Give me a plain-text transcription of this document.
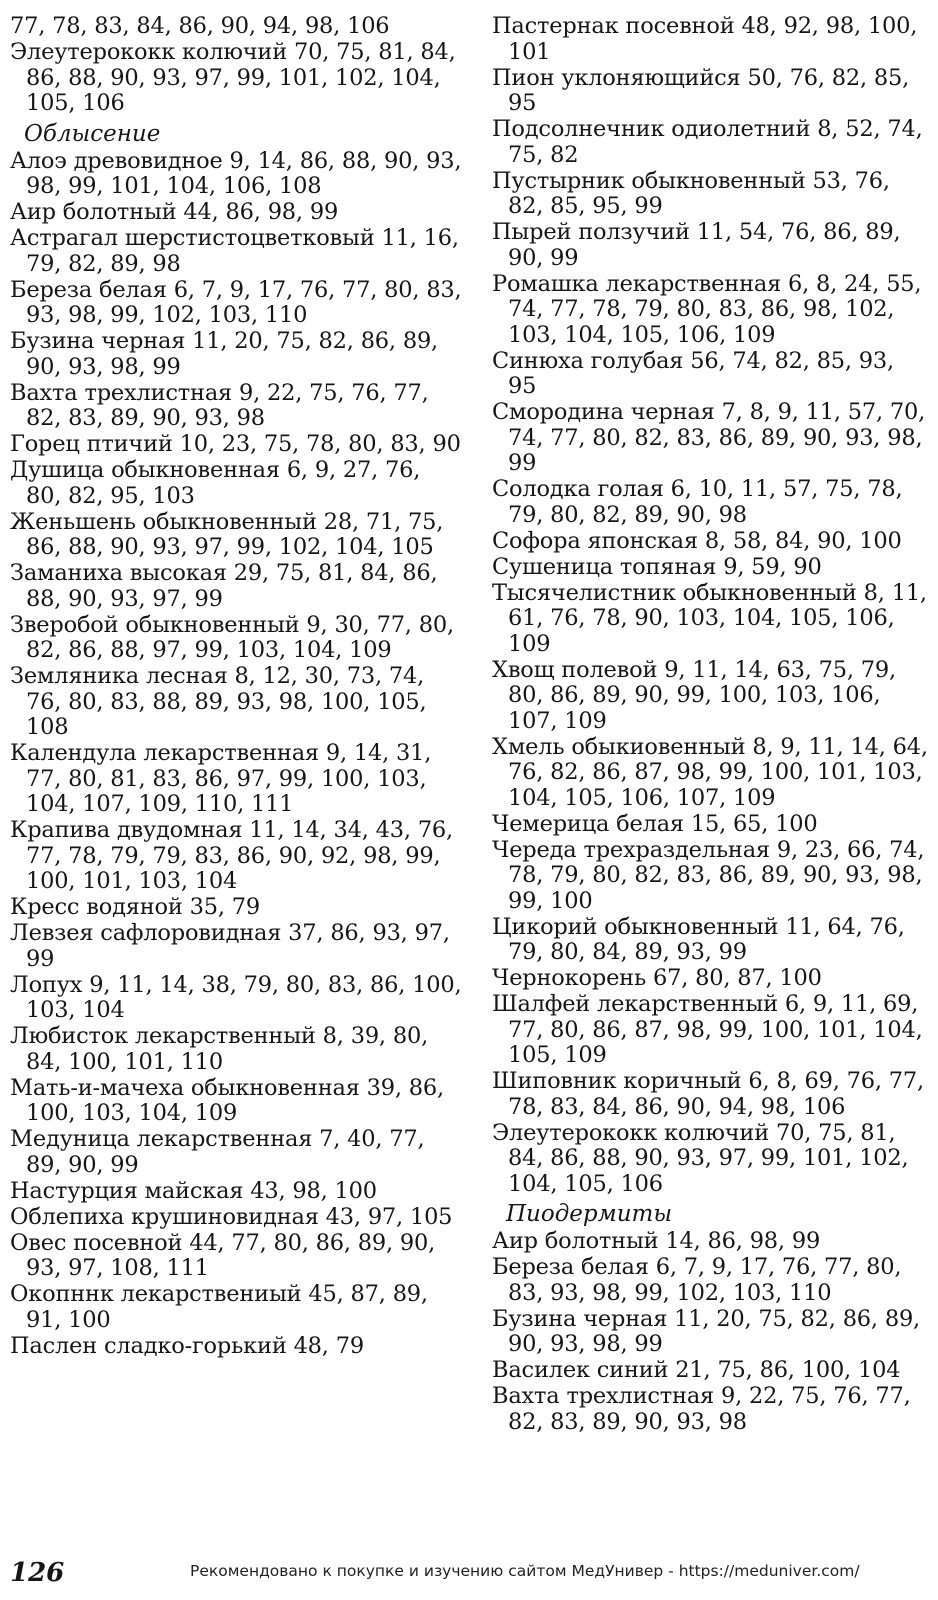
77, 78, 83, 84, 86, 90, 94, 98, 106

Элеутерококк колючий 70, 75, 81, 84, 86, 88, 90, 93, 97, 99, 101, 102, 104, 105, 106

Облысение

Алоэ древовидное 9, 14, 86, 88, 90, 93, 98, 99, 101, 104, 106, 108

Аир болотный 44, 86, 98, 99

Астрагал шерстистоцветковый 11, 16, 79, 82, 89, 98

Береза белая 6, 7, 9, 17, 76, 77, 80, 83, 93, 98, 99, 102, 103, 110

Бузина черная 11, 20, 75, 82, 86, 89, 90, 93, 98, 99

Вахта трехлистная 9, 22, 75, 76, 77, 82, 83, 89, 90, 93, 98

Горец птичий 10, 23, 75, 78, 80, 83, 90

Душица обыкновенная 6, 9, 27, 76, 80, 82, 95, 103

Женьшень обыкновенный 28, 71, 75, 86, 88, 90, 93, 97, 99, 102, 104, 105

Заманиха высокая 29, 75, 81, 84, 86, 88, 90, 93, 97, 99

Зверобой обыкновенный 9, 30, 77, 80, 82, 86, 88, 97, 99, 103, 104, 109

Земляника лесная 8, 12, 30, 73, 74, 76, 80, 83, 88, 89, 93, 98, 100, 105, 108

Календула лекарственная 9, 14, 31, 77, 80, 81, 83, 86, 97, 99, 100, 103, 104, 107, 109, 110, 111

Крапива двудомная 11, 14, 34, 43, 76, 77, 78, 79, 79, 83, 86, 90, 92, 98, 99, 100, 101, 103, 104

Кресс водяной 35, 79

Левзея сафлоровидная 37, 86, 93, 97, 99

Лопух 9, 11, 14, 38, 79, 80, 83, 86, 100, 103, 104

Любисток лекарственный 8, 39, 80, 84, 100, 101, 110

Мать-и-мачеха обыкновенная 39, 86, 100, 103, 104, 109

Медуница лекарственная 7, 40, 77, 89, 90, 99

Настурция майская 43, 98, 100

Облепиха крушиновидная 43, 97, 105

Овес посевной 44, 77, 80, 86, 89, 90, 93, 97, 108, 111

Окопннк лекарствениый 45, 87, 89, 91, 100

Паслен сладко-горький 48, 79

Пастернак посевной 48, 92, 98, 100, 101

Пион уклоняющийся 50, 76, 82, 85, 95

Подсолнечник одиолетний 8, 52, 74, 75, 82

Пустырник обыкновенный 53, 76, 82, 85, 95, 99

Пырей ползучий 11, 54, 76, 86, 89, 90, 99

Ромашка лекарственная 6, 8, 24, 55, 74, 77, 78, 79, 80, 83, 86, 98, 102, 103, 104, 105, 106, 109

Синюха голубая 56, 74, 82, 85, 93, 95

Смородина черная 7, 8, 9, 11, 57, 70, 74, 77, 80, 82, 83, 86, 89, 90, 93, 98, 99

Солодка голая 6, 10, 11, 57, 75, 78, 79, 80, 82, 89, 90, 98

Софора японская 8, 58, 84, 90, 100

Сушеница топяная 9, 59, 90

Тысячелистник обыкновенный 8, 11, 61, 76, 78, 90, 103, 104, 105, 106, 109

Хвощ полевой 9, 11, 14, 63, 75, 79, 80, 86, 89, 90, 99, 100, 103, 106, 107, 109

Хмель обыкиовенный 8, 9, 11, 14, 64, 76, 82, 86, 87, 98, 99, 100, 101, 103, 104, 105, 106, 107, 109

Чемерица белая 15, 65, 100

Череда трехраздельная 9, 23, 66, 74, 78, 79, 80, 82, 83, 86, 89, 90, 93, 98, 99, 100

Цикорий обыкновенный 11, 64, 76, 79, 80, 84, 89, 93, 99

Чернокорень 67, 80, 87, 100

Шалфей лекарственный 6, 9, 11, 69, 77, 80, 86, 87, 98, 99, 100, 101, 104, 105, 109

Шиповник коричный 6, 8, 69, 76, 77, 78, 83, 84, 86, 90, 94, 98, 106

Элеутерококк колючий 70, 75, 81, 84, 86, 88, 90, 93, 97, 99, 101, 102, 104, 105, 106

Пиодермиты

Аир болотный 14, 86, 98, 99

Береза белая 6, 7, 9, 17, 76, 77, 80, 83, 93, 98, 99, 102, 103, 110

Бузина черная 11, 20, 75, 82, 86, 89, 90, 93, 98, 99

Василек синий 21, 75, 86, 100, 104

Вахта трехлистная 9, 22, 75, 76, 77, 82, 83, 89, 90, 93, 98

126	Рекомендовано к покупке и изучению сайтом МедУнивер - https://meduniver.com/
